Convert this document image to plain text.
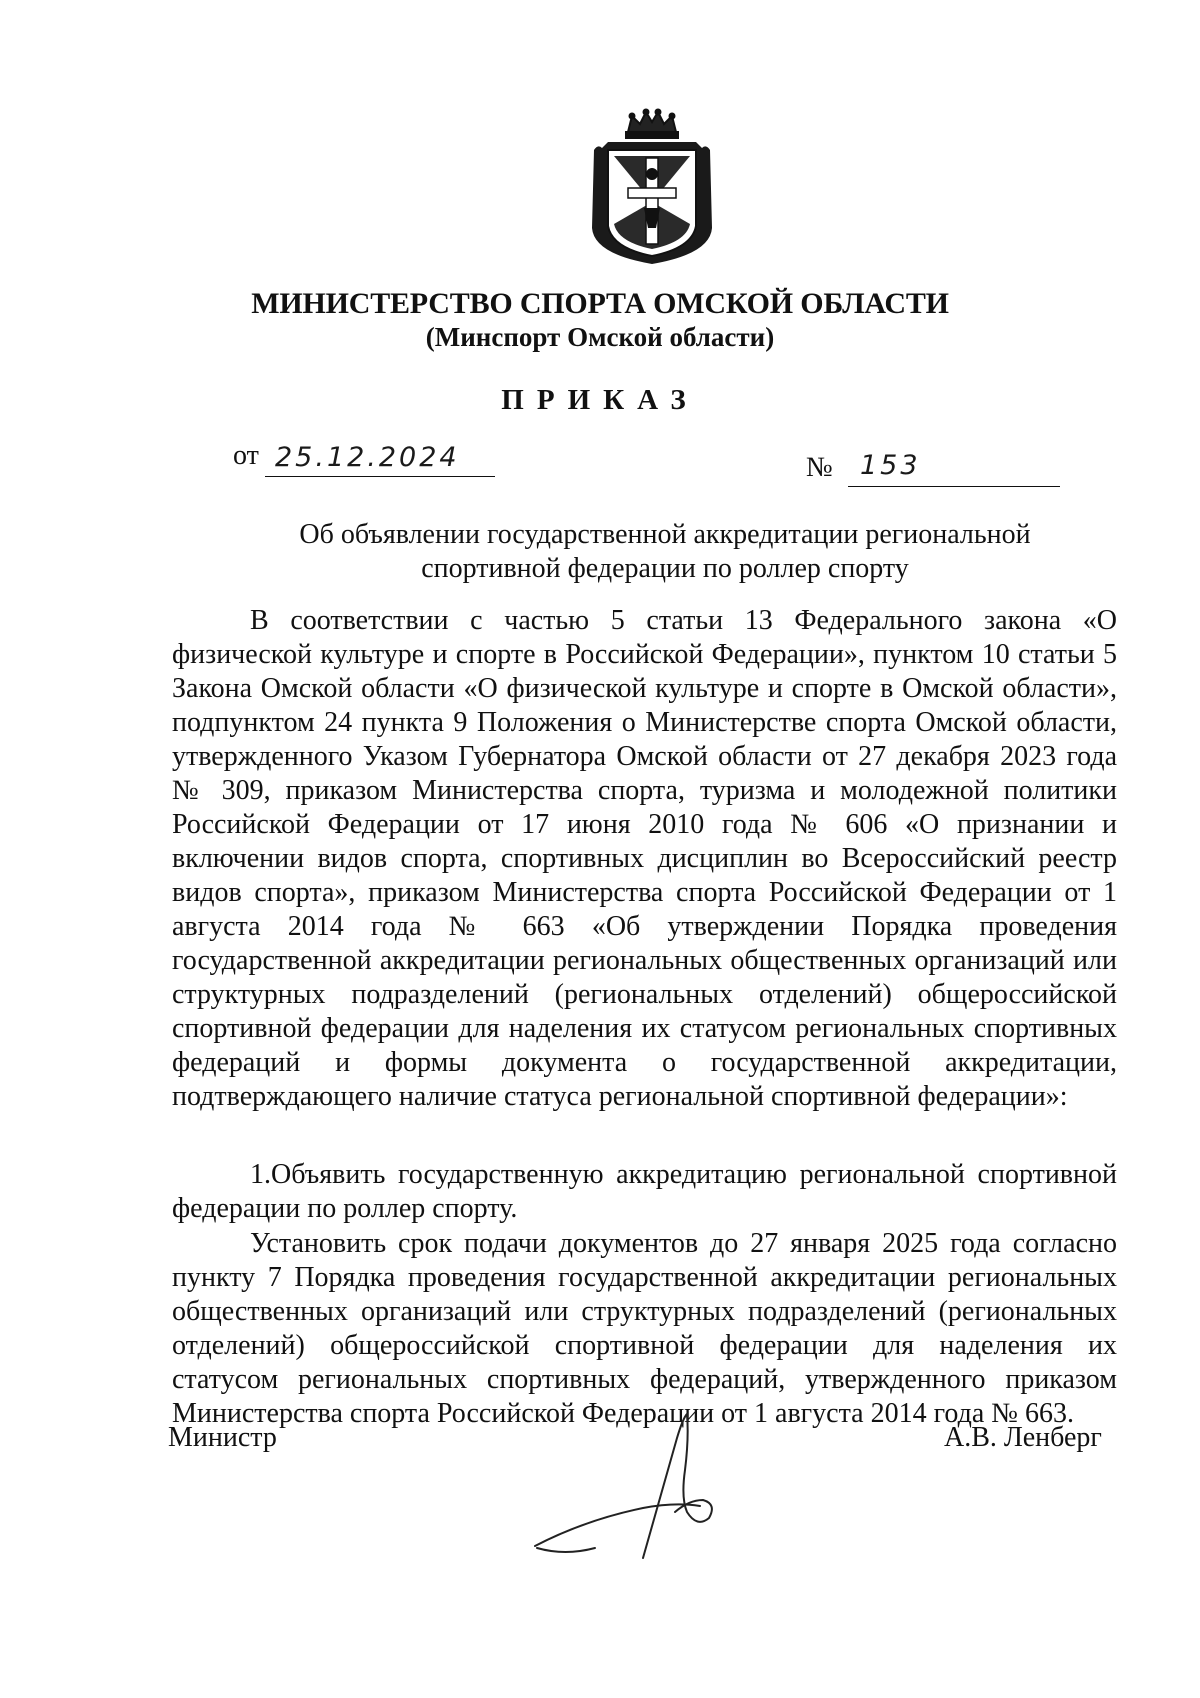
МИНИСТЕРСТВО СПОРТА ОМСКОЙ ОБЛАСТИ
(Минспорт Омской области)
ПРИКАЗ
от 25.12.2024	№ 153
Об объявлении государственной аккредитации региональной спортивной федерации по роллер спорту

В соответствии с частью 5 статьи 13 Федерального закона «О физической культуре и спорте в Российской Федерации», пунктом 10 статьи 5 Закона Омской области «О физической культуре и спорте в Омской области», подпунктом 24 пункта 9 Положения о Министерстве спорта Омской области, утвержденного Указом Губернатора Омской области от 27 декабря 2023 года № 309, приказом Министерства спорта, туризма и молодежной политики Российской Федерации от 17 июня 2010 года № 606 «О признании и включении видов спорта, спортивных дисциплин во Всероссийский реестр видов спорта», приказом Министерства спорта Российской Федерации от 1 августа 2014 года № 663 «Об утверждении Порядка проведения государственной аккредитации региональных общественных организаций или структурных подразделений (региональных отделений) общероссийской спортивной федерации для наделения их статусом региональных спортивных федераций и формы документа о государственной аккредитации, подтверждающего наличие статуса региональной спортивной федерации»:

1.Объявить государственную аккредитацию региональной спортивной федерации по роллер спорту.

Установить срок подачи документов до 27 января 2025 года согласно пункту 7 Порядка проведения государственной аккредитации региональных общественных организаций или структурных подразделений (региональных отделений) общероссийской спортивной федерации для наделения их статусом региональных спортивных федераций, утвержденного приказом Министерства спорта Российской Федерации от 1 августа 2014 года № 663.

Министр	А.В. Ленберг
